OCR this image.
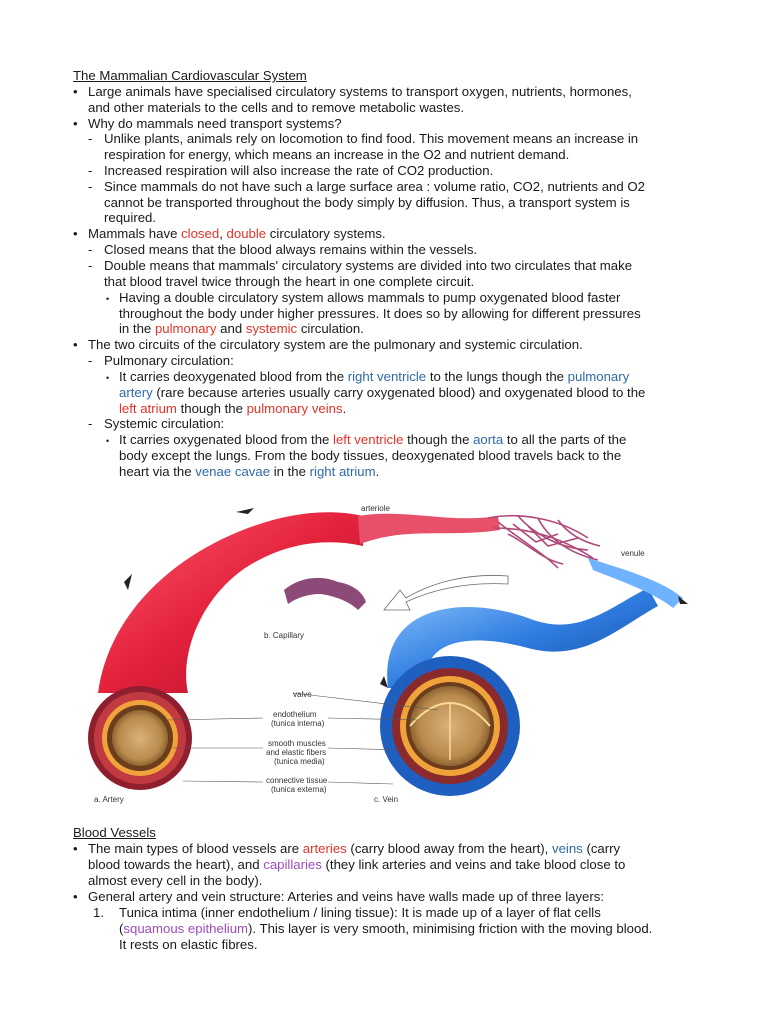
The Mammalian Cardiovascular System
• Large animals have specialised circulatory systems to transport oxygen, nutrients, hormones,
and other materials to the cells and to remove metabolic wastes.
• Why do mammals need transport systems?
- Unlike plants, animals rely on locomotion to find food. This movement means an increase in
respiration for energy, which means an increase in the O2 and nutrient demand.
- Increased respiration will also increase the rate of CO2 production.
- Since mammals do not have such a large surface area : volume ratio, CO2, nutrients and O2
cannot be transported throughout the body simply by diffusion. Thus, a transport system is
required.
• Mammals have closed, double circulatory systems.
- Closed means that the blood always remains within the vessels.
- Double means that mammals' circulatory systems are divided into two circulates that make
that blood travel twice through the heart in one complete circuit.
• Having a double circulatory system allows mammals to pump oxygenated blood faster
throughout the body under higher pressures. It does so by allowing for different pressures
in the pulmonary and systemic circulation.
• The two circuits of the circulatory system are the pulmonary and systemic circulation.
- Pulmonary circulation:
• It carries deoxygenated blood from the right ventricle to the lungs though the pulmonary
artery (rare because arteries usually carry oxygenated blood) and oxygenated blood to the
left atrium though the pulmonary veins.
- Systemic circulation:
• It carries oxygenated blood from the left ventricle though the aorta to all the parts of the
body except the lungs. From the body tissues, deoxygenated blood travels back to the
heart via the venae cavae in the right atrium.
arteriole
venule
b. Capillary
valve
endothelium
(tunica interna)
smooth muscles
and elastic fibers
(tunica media)
connective tissue
(tunica externa)
a. Artery	c. Vein
Blood Vessels
• The main types of blood vessels are arteries (carry blood away from the heart), veins (carry
blood towards the heart), and capillaries (they link arteries and veins and take blood close to
almost every cell in the body).
• General artery and vein structure: Arteries and veins have walls made up of three layers:
1. Tunica intima (inner endothelium / lining tissue): It is made up of a layer of flat cells
(squamous epithelium). This layer is very smooth, minimising friction with the moving blood.
It rests on elastic fibres.
